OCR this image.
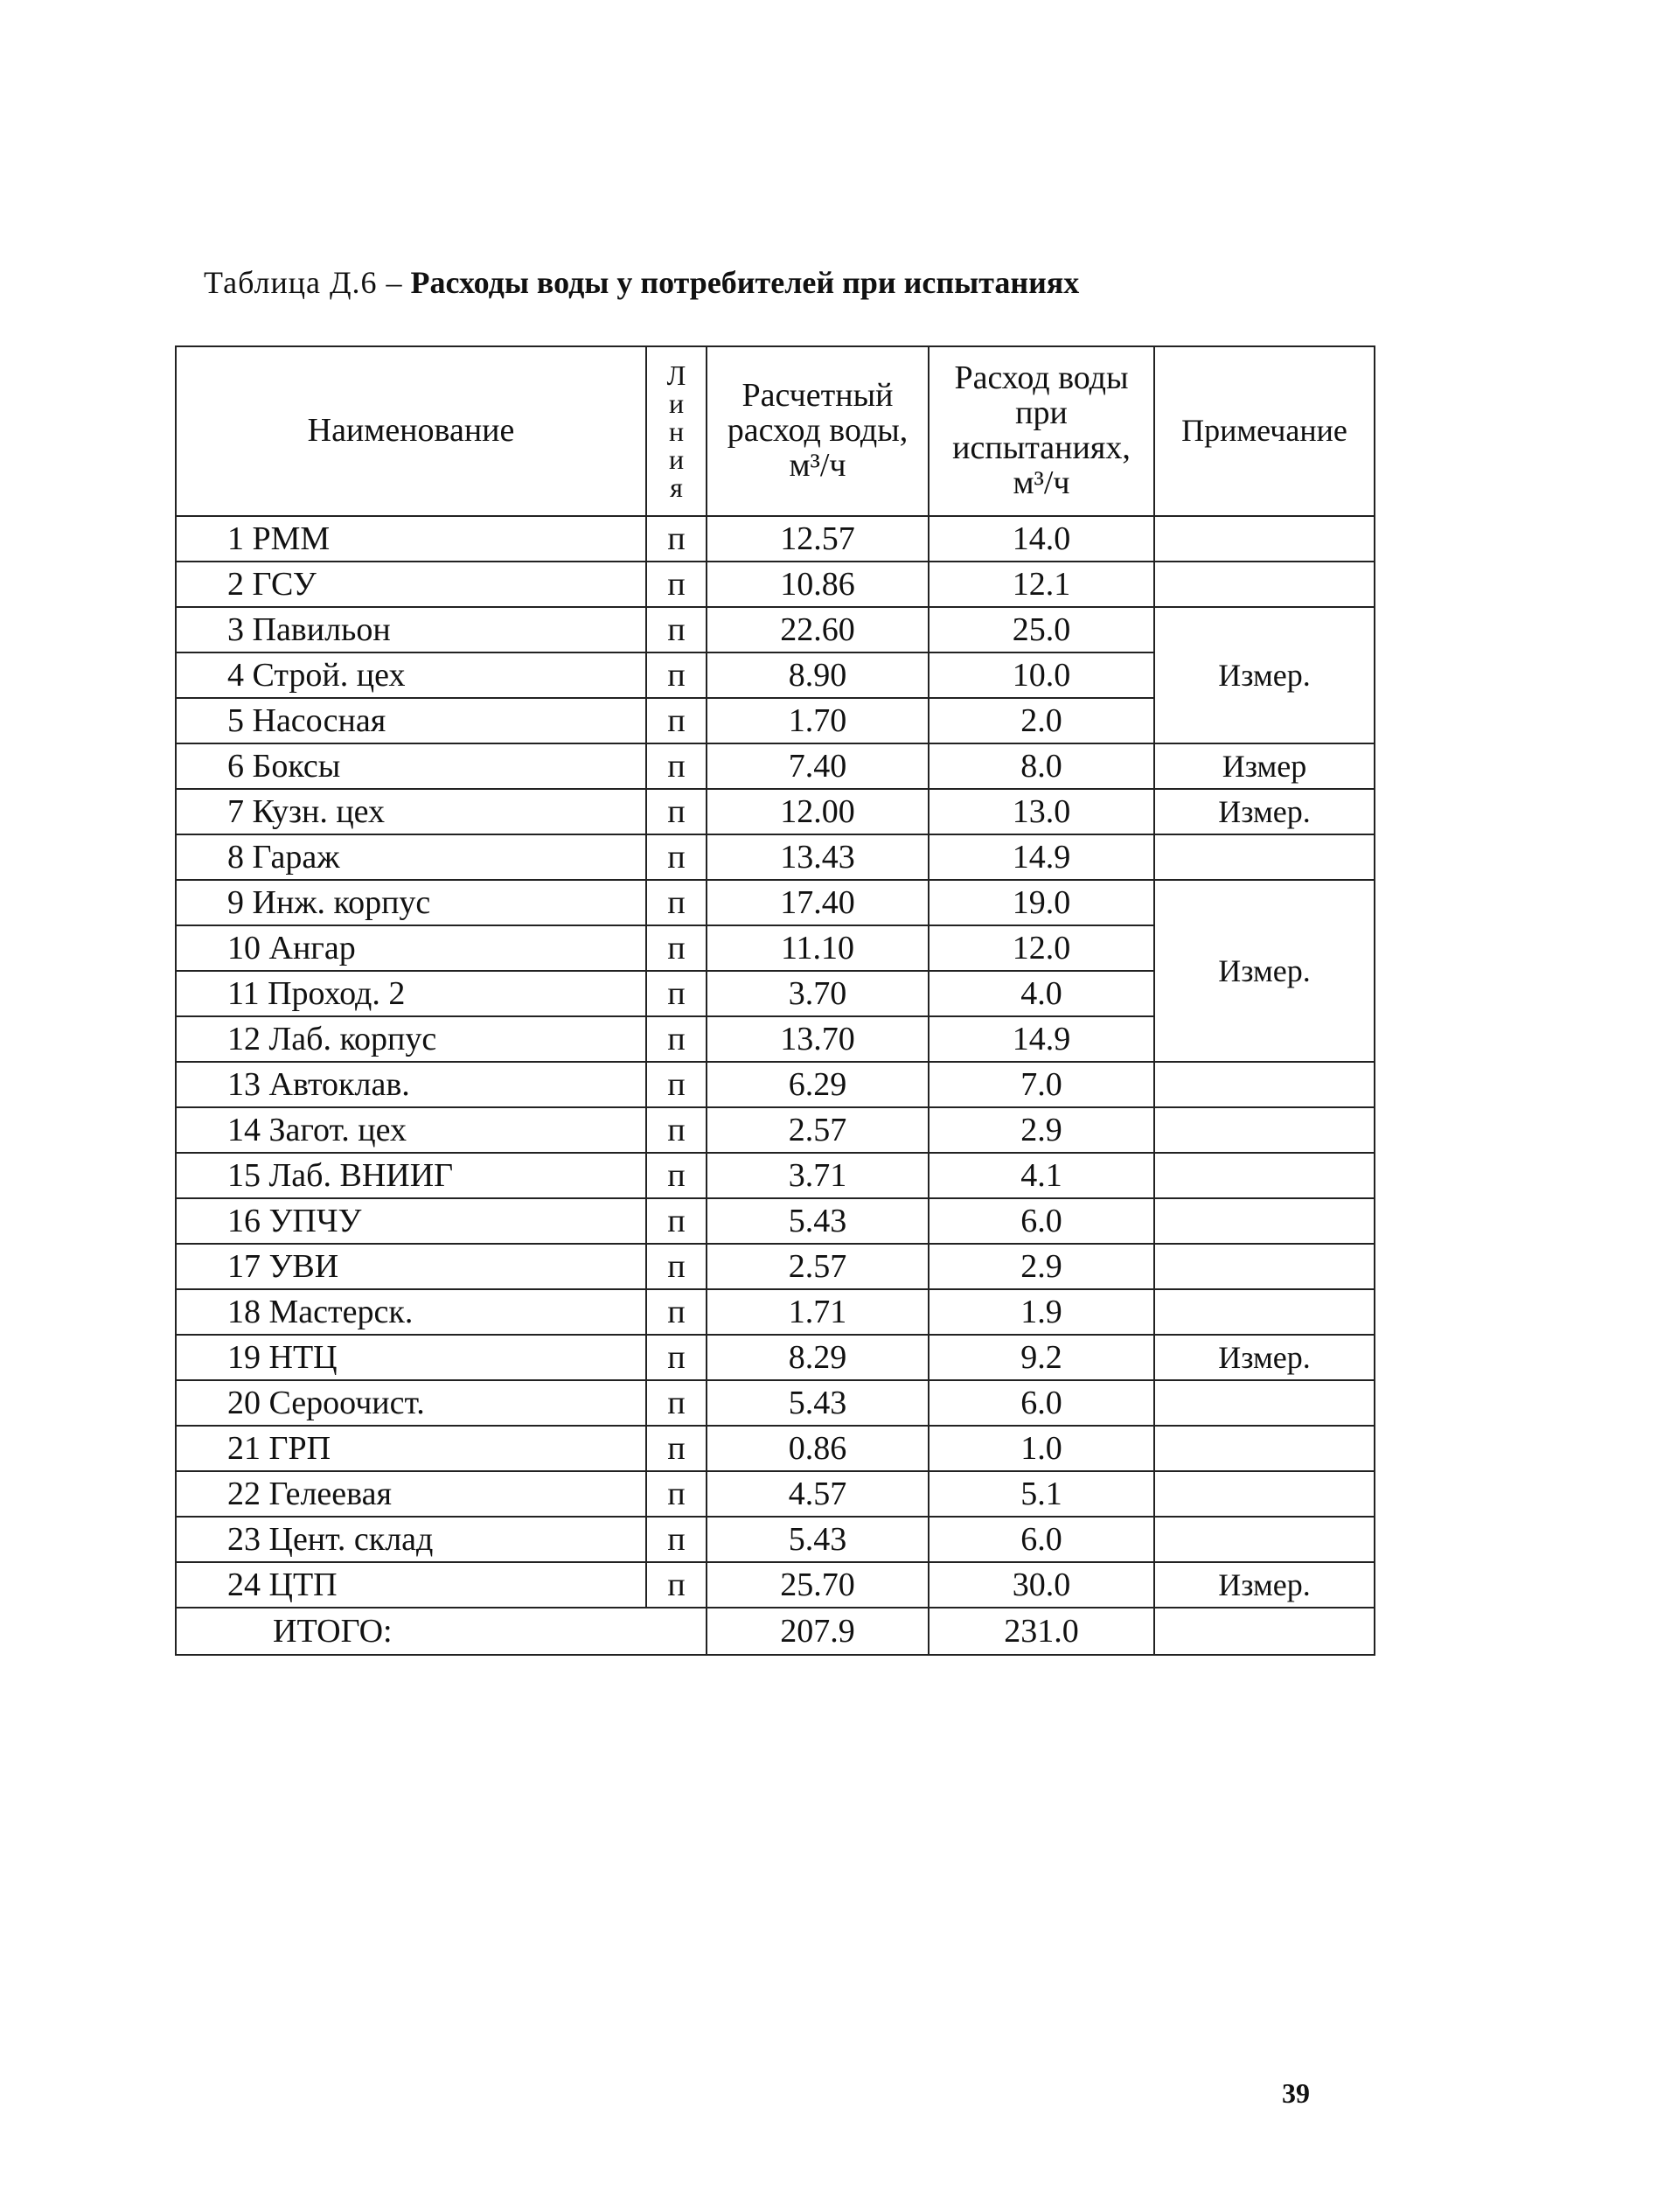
Таблица Д.6 – Расходы воды у потребителей при испытаниях
Наименование	Л
и
н
и
я	Расчетный расход воды, м³/ч	Расход воды при испытаниях, м³/ч	Примечание
1 РММ	п	12.57	14.0	
2 ГСУ	п	10.86	12.1	
3 Павильон	п	22.60	25.0	Измер.
4 Строй. цех	п	8.90	10.0	
5 Насосная	п	1.70	2.0	
6 Боксы	п	7.40	8.0	Измер
7 Кузн. цех	п	12.00	13.0	Измер.
8 Гараж	п	13.43	14.9	
9 Инж. корпус	п	17.40	19.0	Измер.
10 Ангар	п	11.10	12.0	
11 Проход. 2	п	3.70	4.0	
12 Лаб. корпус	п	13.70	14.9	
13 Автоклав.	п	6.29	7.0	
14 Загот. цех	п	2.57	2.9	
15 Лаб. ВНИИГ	п	3.71	4.1	
16 УПЧУ	п	5.43	6.0	
17 УВИ	п	2.57	2.9	
18 Мастерск.	п	1.71	1.9	
19 НТЦ	п	8.29	9.2	Измер.
20 Сероочист.	п	5.43	6.0	
21 ГРП	п	0.86	1.0	
22 Гелеевая	п	4.57	5.1	
23 Цент. склад	п	5.43	6.0	
24 ЦТП	п	25.70	30.0	Измер.
ИТОГО:		207.9	231.0	
39
